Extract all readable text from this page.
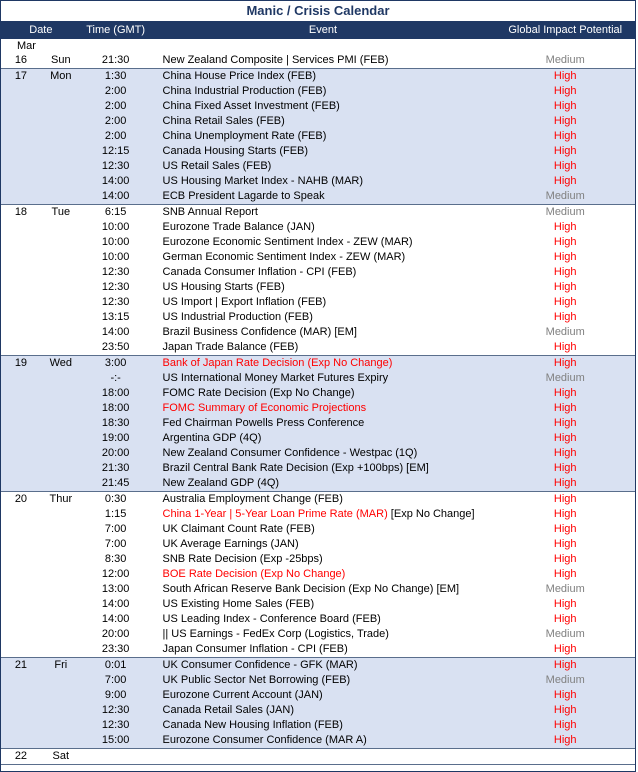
Manic / Crisis Calendar
Date	Time (GMT)	Event	Global Impact Potential
Mar
16	Sun	21:30	New Zealand Composite | Services PMI (FEB)	Medium
17	Mon	1:30	China House Price Index (FEB)	High
2:00	China Industrial Production (FEB)	High
2:00	China Fixed Asset Investment (FEB)	High
2:00	China Retail Sales (FEB)	High
2:00	China Unemployment Rate (FEB)	High
12:15	Canada Housing Starts (FEB)	High
12:30	US Retail Sales (FEB)	High
14:00	US Housing Market Index - NAHB (MAR)	High
14:00	ECB President Lagarde to Speak	Medium
18	Tue	6:15	SNB Annual Report	Medium
10:00	Eurozone Trade Balance (JAN)	High
10:00	Eurozone Economic Sentiment Index - ZEW (MAR)	High
10:00	German Economic Sentiment Index - ZEW (MAR)	High
12:30	Canada Consumer Inflation - CPI (FEB)	High
12:30	US Housing Starts (FEB)	High
12:30	US Import | Export Inflation (FEB)	High
13:15	US Industrial Production (FEB)	High
14:00	Brazil Business Confidence (MAR) [EM]	Medium
23:50	Japan Trade Balance (FEB)	High
19	Wed	3:00	Bank of Japan Rate Decision (Exp No Change)	High
-:-	US International Money Market Futures Expiry	Medium
18:00	FOMC Rate Decision (Exp No Change)	High
18:00	FOMC Summary of Economic Projections	High
18:30	Fed Chairman Powells Press Conference	High
19:00	Argentina GDP (4Q)	High
20:00	New Zealand Consumer Confidence - Westpac (1Q)	High
21:30	Brazil Central Bank Rate Decision (Exp +100bps) [EM]	High
21:45	New Zealand GDP (4Q)	High
20	Thur	0:30	Australia Employment Change (FEB)	High
1:15	China 1-Year | 5-Year Loan Prime Rate (MAR) [Exp No Change]	High
7:00	UK Claimant Count Rate (FEB)	High
7:00	UK Average Earnings (JAN)	High
8:30	SNB Rate Decision (Exp -25bps)	High
12:00	BOE Rate Decision (Exp No Change)	High
13:00	South African Reserve Bank Decision (Exp No Change) [EM]	Medium
14:00	US Existing Home Sales (FEB)	High
14:00	US Leading Index - Conference Board (FEB)	High
20:00	|| US Earnings - FedEx Corp (Logistics, Trade)	Medium
23:30	Japan Consumer Inflation - CPI (FEB)	High
21	Fri	0:01	UK Consumer Confidence - GFK (MAR)	High
7:00	UK Public Sector Net Borrowing (FEB)	Medium
9:00	Eurozone Current Account (JAN)	High
12:30	Canada Retail Sales (JAN)	High
12:30	Canada New Housing Inflation (FEB)	High
15:00	Eurozone Consumer Confidence (MAR A)	High
22	Sat
